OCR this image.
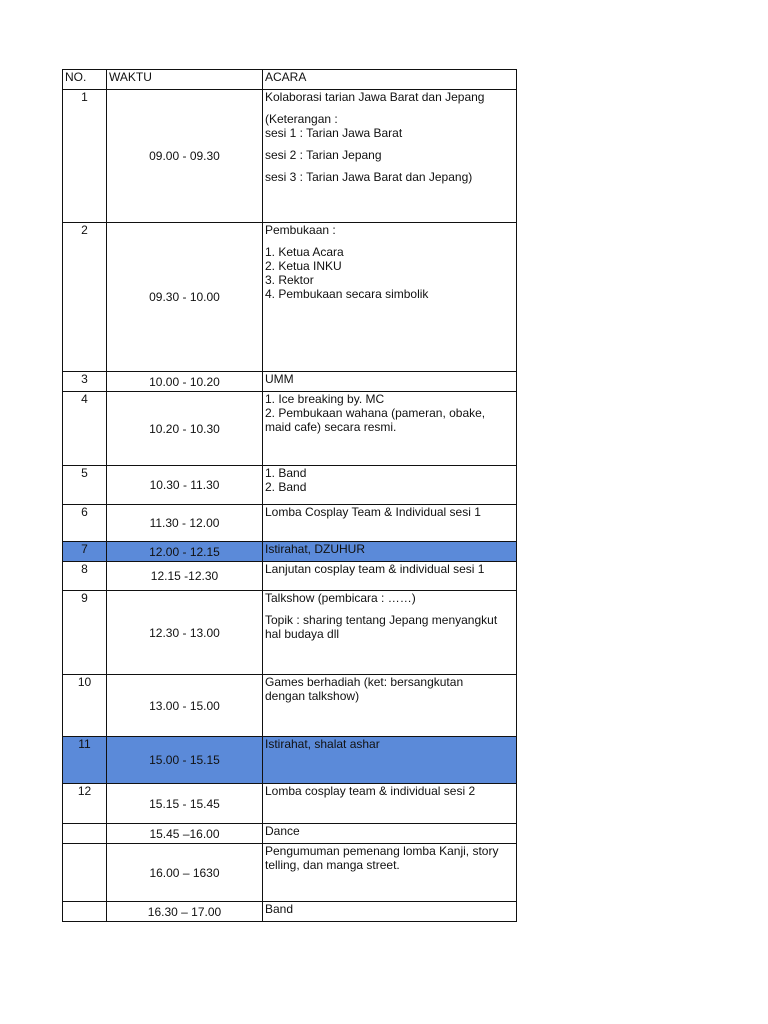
NO.	WAKTU	ACARA
1	09.00 - 09.30	Kolaborasi tarian Jawa Barat dan Jepang
(Keterangan :
sesi 1 : Tarian Jawa Barat
sesi 2 : Tarian Jepang
sesi 3 : Tarian Jawa Barat dan Jepang)

2	09.30 - 10.00	Pembukaan :
1. Ketua Acara
2. Ketua INKU
3. Rektor
4. Pembukaan secara simbolik

3	10.00 - 10.20	UMM

4	10.20 - 10.30	1. Ice breaking by. MC
2. Pembukaan wahana (pameran, obake,
maid cafe) secara resmi.

5	10.30 - 11.30	1. Band
2. Band

6	11.30 - 12.00	Lomba Cosplay Team & Individual sesi 1

7	12.00 - 12.15	Istirahat, DZUHUR

8	12.15 -12.30	Lanjutan cosplay team & individual sesi 1

9	12.30 - 13.00	Talkshow (pembicara : ……)
Topik : sharing tentang Jepang menyangkut
hal budaya dll

10	13.00 - 15.00	Games berhadiah (ket: bersangkutan
dengan talkshow)

11	15.00 - 15.15	Istirahat, shalat ashar

12	15.15 - 15.45	Lomba cosplay team & individual sesi 2

	15.45 –16.00	Dance

	16.00 – 1630	Pengumuman pemenang lomba Kanji, story
telling, dan manga street.

	16.30 – 17.00	Band
